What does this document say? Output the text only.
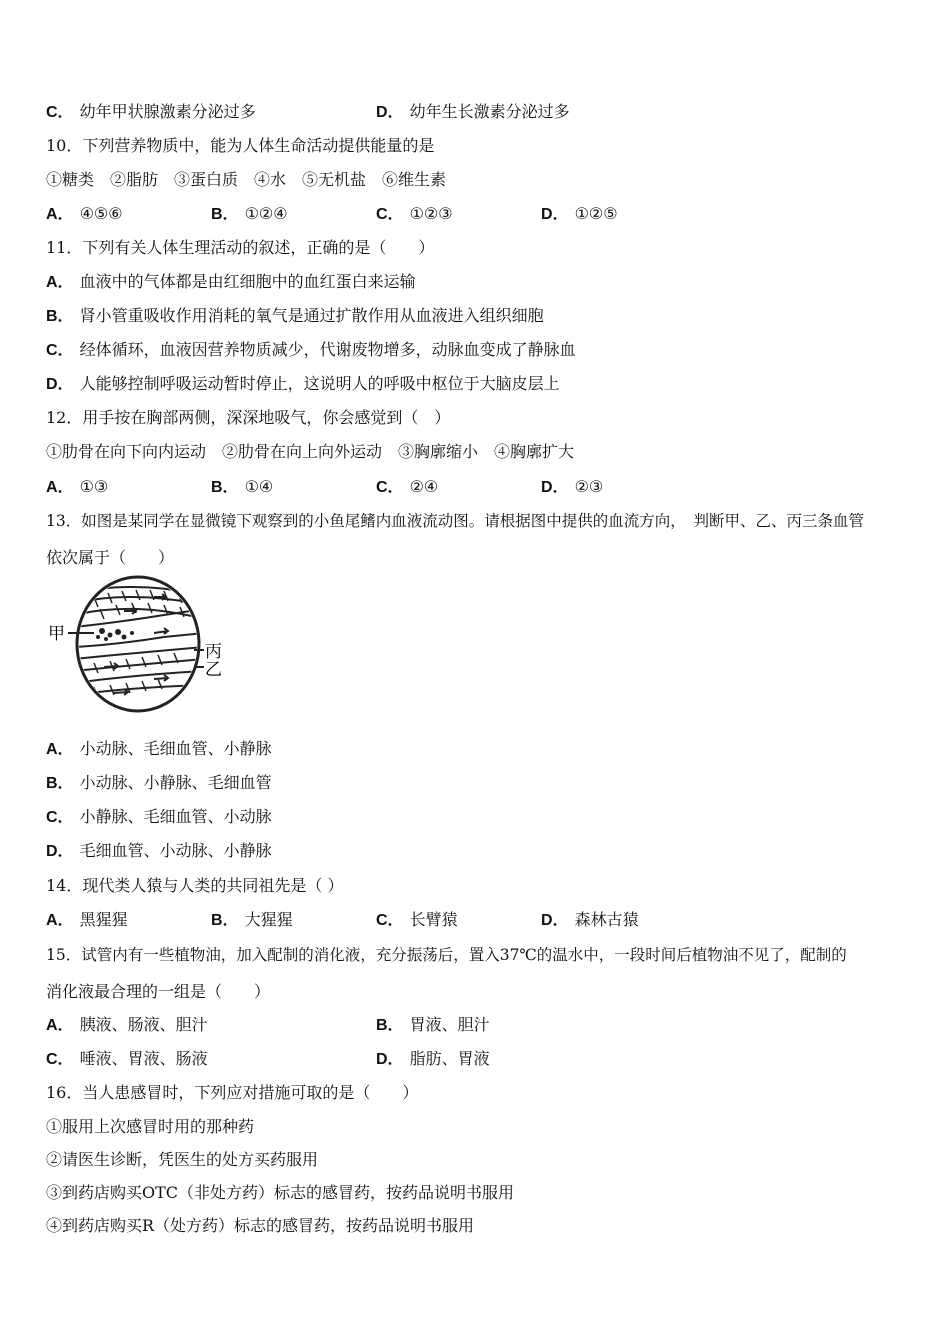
C． 幼年甲状腺激素分泌过多	D． 幼年生长激素分泌过多
10．下列营养物质中，能为人体生命活动提供能量的是
①糖类　②脂肪　③蛋白质　④水　⑤无机盐　⑥维生素
A． ④⑤⑥	B． ①②④	C． ①②③	D． ①②⑤
11．下列有关人体生理活动的叙述，正确的是（　　）
A． 血液中的气体都是由红细胞中的血红蛋白来运输
B． 肾小管重吸收作用消耗的氧气是通过扩散作用从血液进入组织细胞
C． 经体循环，血液因营养物质减少，代谢废物增多，动脉血变成了静脉血
D． 人能够控制呼吸运动暂时停止，这说明人的呼吸中枢位于大脑皮层上
12．用手按在胸部两侧，深深地吸气，你会感觉到（　）
①肋骨在向下向内运动　②肋骨在向上向外运动　③胸廓缩小　④胸廓扩大
A． ①③	B． ①④	C． ②④	D． ②③
13．如图是某同学在显微镜下观察到的小鱼尾鳍内血液流动图。请根据图中提供的血流方向，　判断甲、乙、丙三条血管
依次属于（　　）
甲
丙
乙
A． 小动脉、毛细血管、小静脉
B． 小动脉、小静脉、毛细血管
C． 小静脉、毛细血管、小动脉
D． 毛细血管、小动脉、小静脉
14．现代类人猿与人类的共同祖先是（ ）
A． 黑猩猩	B． 大猩猩	C． 长臂猿	D． 森林古猿
15．试管内有一些植物油，加入配制的消化液，充分振荡后，置入37℃的温水中，一段时间后植物油不见了，配制的
消化液最合理的一组是（　　）
A． 胰液、肠液、胆汁	B． 胃液、胆汁
C． 唾液、胃液、肠液	D． 脂肪、胃液
16．当人患感冒时，下列应对措施可取的是（　　）
①服用上次感冒时用的那种药
②请医生诊断，凭医生的处方买药服用
③到药店购买OTC（非处方药）标志的感冒药，按药品说明书服用
④到药店购买R（处方药）标志的感冒药，按药品说明书服用
